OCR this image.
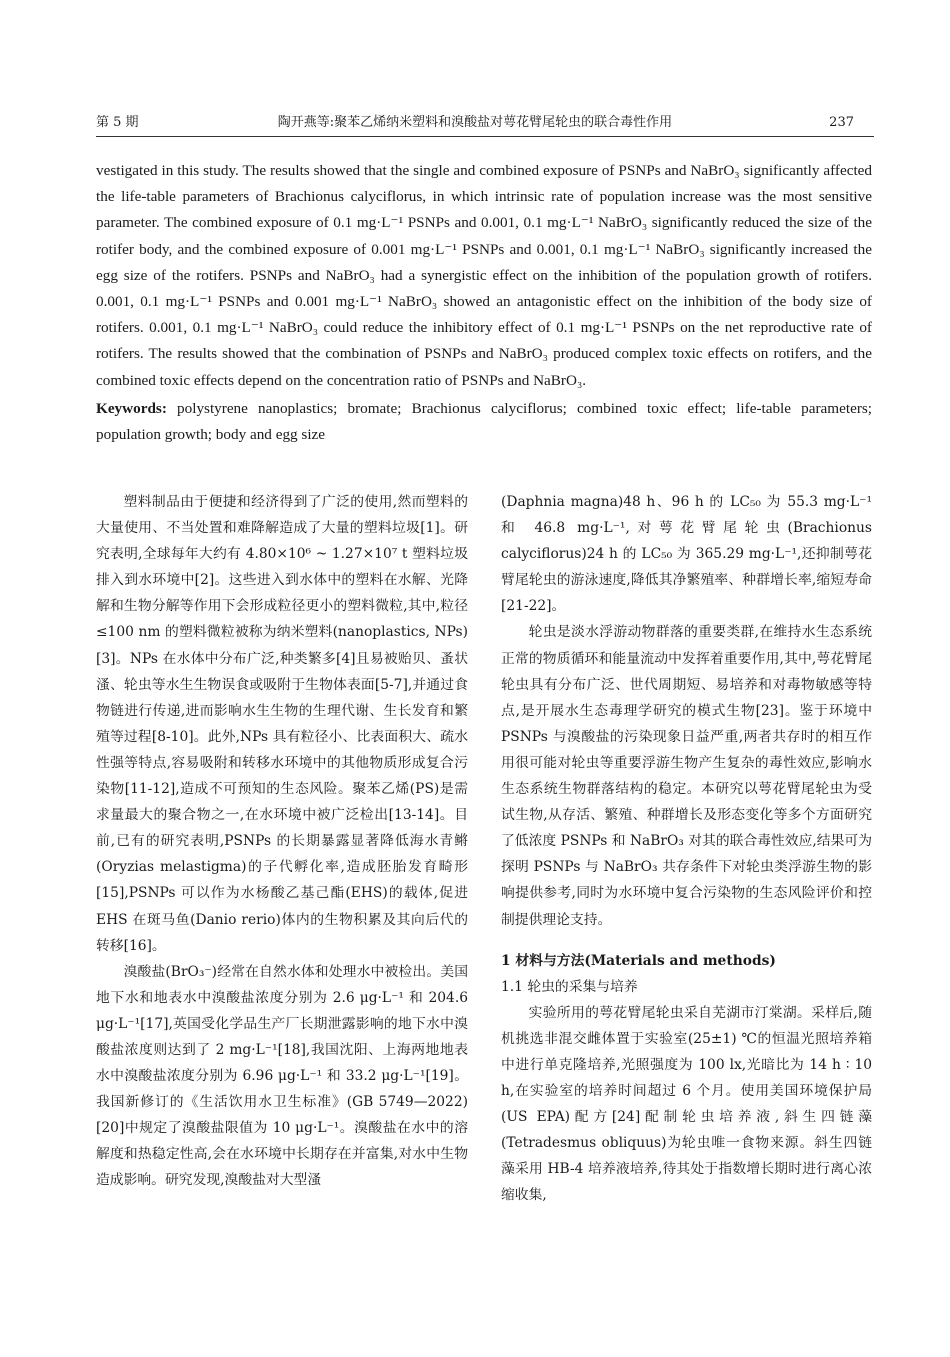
第 5 期	陶开燕等:聚苯乙烯纳米塑料和溴酸盐对萼花臂尾轮虫的联合毒性作用	237

vestigated in this study. The results showed that the single and combined exposure of PSNPs and NaBrO₃ significantly affected the life-table parameters of Brachionus calyciflorus, in which intrinsic rate of population increase was the most sensitive parameter. The combined exposure of 0.1 mg·L⁻¹ PSNPs and 0.001, 0.1 mg·L⁻¹ NaBrO₃ significantly reduced the size of the rotifer body, and the combined exposure of 0.001 mg·L⁻¹ PSNPs and 0.001, 0.1 mg·L⁻¹ NaBrO₃ significantly increased the egg size of the rotifers. PSNPs and NaBrO₃ had a synergistic effect on the inhibition of the population growth of rotifers. 0.001, 0.1 mg·L⁻¹ PSNPs and 0.001 mg·L⁻¹ NaBrO₃ showed an antagonistic effect on the inhibition of the body size of rotifers. 0.001, 0.1 mg·L⁻¹ NaBrO₃ could reduce the inhibitory effect of 0.1 mg·L⁻¹ PSNPs on the net reproductive rate of rotifers. The results showed that the combination of PSNPs and NaBrO₃ produced complex toxic effects on rotifers, and the combined toxic effects depend on the concentration ratio of PSNPs and NaBrO₃.

Keywords: polystyrene nanoplastics; bromate; Brachionus calyciflorus; combined toxic effect; life-table parameters; population growth; body and egg size

塑料制品由于便捷和经济得到了广泛的使用,然而塑料的大量使用、不当处置和难降解造成了大量的塑料垃圾[1]。研究表明,全球每年大约有 4.80×10⁶ ~ 1.27×10⁷ t 塑料垃圾排入到水环境中[2]。这些进入到水体中的塑料在水解、光降解和生物分解等作用下会形成粒径更小的塑料微粒,其中,粒径≤100 nm 的塑料微粒被称为纳米塑料(nanoplastics, NPs)[3]。NPs 在水体中分布广泛,种类繁多[4]且易被贻贝、蚤状溞、轮虫等水生生物误食或吸附于生物体表面[5-7],并通过食物链进行传递,进而影响水生生物的生理代谢、生长发育和繁殖等过程[8-10]。此外,NPs 具有粒径小、比表面积大、疏水性强等特点,容易吸附和转移水环境中的其他物质形成复合污染物[11-12],造成不可预知的生态风险。聚苯乙烯(PS)是需求量最大的聚合物之一,在水环境中被广泛检出[13-14]。目前,已有的研究表明,PSNPs 的长期暴露显著降低海水青鳉(Oryzias melastigma)的子代孵化率,造成胚胎发育畸形[15],PSNPs 可以作为水杨酸乙基己酯(EHS)的载体,促进 EHS 在斑马鱼(Danio rerio)体内的生物积累及其向后代的转移[16]。

溴酸盐(BrO₃⁻)经常在自然水体和处理水中被检出。美国地下水和地表水中溴酸盐浓度分别为 2.6 μg·L⁻¹ 和 204.6 μg·L⁻¹[17],英国受化学品生产厂长期泄露影响的地下水中溴酸盐浓度则达到了 2 mg·L⁻¹[18],我国沈阳、上海两地地表水中溴酸盐浓度分别为 6.96 μg·L⁻¹ 和 33.2 μg·L⁻¹[19]。我国新修订的《生活饮用水卫生标准》(GB 5749—2022)[20]中规定了溴酸盐限值为 10 μg·L⁻¹。溴酸盐在水中的溶解度和热稳定性高,会在水环境中长期存在并富集,对水中生物造成影响。研究发现,溴酸盐对大型溞

(Daphnia magna)48 h、96 h 的 LC₅₀ 为 55.3 mg·L⁻¹ 和 46.8 mg·L⁻¹,对萼花臂尾轮虫(Brachionus calyciflorus)24 h 的 LC₅₀ 为 365.29 mg·L⁻¹,还抑制萼花臂尾轮虫的游泳速度,降低其净繁殖率、种群增长率,缩短寿命[21-22]。

轮虫是淡水浮游动物群落的重要类群,在维持水生态系统正常的物质循环和能量流动中发挥着重要作用,其中,萼花臂尾轮虫具有分布广泛、世代周期短、易培养和对毒物敏感等特点,是开展水生态毒理学研究的模式生物[23]。鉴于环境中 PSNPs 与溴酸盐的污染现象日益严重,两者共存时的相互作用很可能对轮虫等重要浮游生物产生复杂的毒性效应,影响水生态系统生物群落结构的稳定。本研究以萼花臂尾轮虫为受试生物,从存活、繁殖、种群增长及形态变化等多个方面研究了低浓度 PSNPs 和 NaBrO₃ 对其的联合毒性效应,结果可为探明 PSNPs 与 NaBrO₃ 共存条件下对轮虫类浮游生物的影响提供参考,同时为水环境中复合污染物的生态风险评价和控制提供理论支持。

1 材料与方法(Materials and methods)

1.1 轮虫的采集与培养

实验所用的萼花臂尾轮虫采自芜湖市汀棠湖。采样后,随机挑选非混交雌体置于实验室(25±1) ℃的恒温光照培养箱中进行单克隆培养,光照强度为 100 lx,光暗比为 14 h ∶ 10 h,在实验室的培养时间超过 6 个月。使用美国环境保护局(US EPA)配方[24]配制轮虫培养液,斜生四链藻(Tetradesmus obliquus)为轮虫唯一食物来源。斜生四链藻采用 HB-4 培养液培养,待其处于指数增长期时进行离心浓缩收集,
